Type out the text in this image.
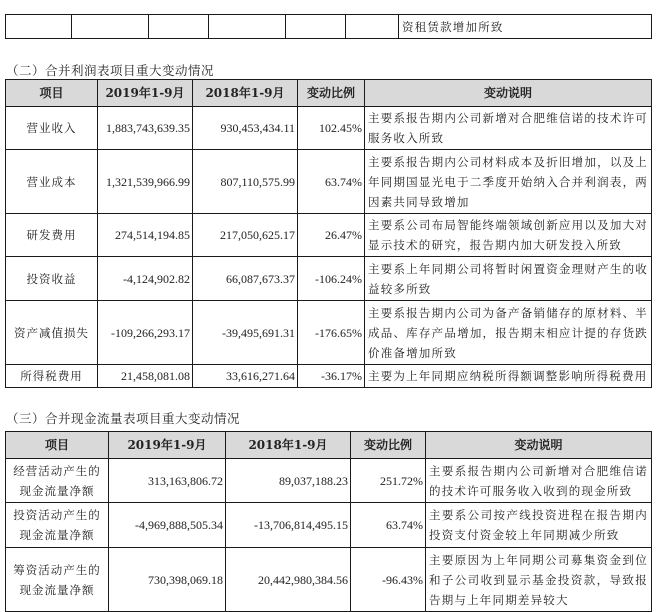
						资租赁款增加所致
（二）合并利润表项目重大变动情况
项目	2019年1-9月	2018年1-9月	变动比例	变动说明
营业收入	1,883,743,639.35	930,453,434.11	102.45%	主要系报告期内公司新增对合肥维信诺的技术许可服务收入所致
营业成本	1,321,539,966.99	807,110,575.99	63.74%	主要系报告期内公司材料成本及折旧增加，以及上年同期国显光电于二季度开始纳入合并利润表，两因素共同导致增加
研发费用	274,514,194.85	217,050,625.17	26.47%	主要系公司布局智能终端领域创新应用以及加大对显示技术的研究，报告期内加大研发投入所致
投资收益	-4,124,902.82	66,087,673.37	-106.24%	主要系上年同期公司将暂时闲置资金理财产生的收益较多所致
资产减值损失	-109,266,293.17	-39,495,691.31	-176.65%	主要系报告期内公司为备产备销储存的原材料、半成品、库存产品增加，报告期末相应计提的存货跌价准备增加所致
所得税费用	21,458,081.08	33,616,271.64	-36.17%	主要为上年同期应纳税所得额调整影响所得税费用
（三）合并现金流量表项目重大变动情况
项目	2019年1-9月	2018年1-9月	变动比例	变动说明
经营活动产生的现金流量净额	313,163,806.72	89,037,188.23	251.72%	主要系报告期内公司新增对合肥维信诺的技术许可服务收入收到的现金所致
投资活动产生的现金流量净额	-4,969,888,505.34	-13,706,814,495.15	63.74%	主要系公司按产线投资进程在报告期内投资支付资金较上年同期减少所致
筹资活动产生的现金流量净额	730,398,069.18	20,442,980,384.56	-96.43%	主要原因为上年同期公司募集资金到位和子公司收到显示基金投资款，导致报告期与上年同期差异较大
